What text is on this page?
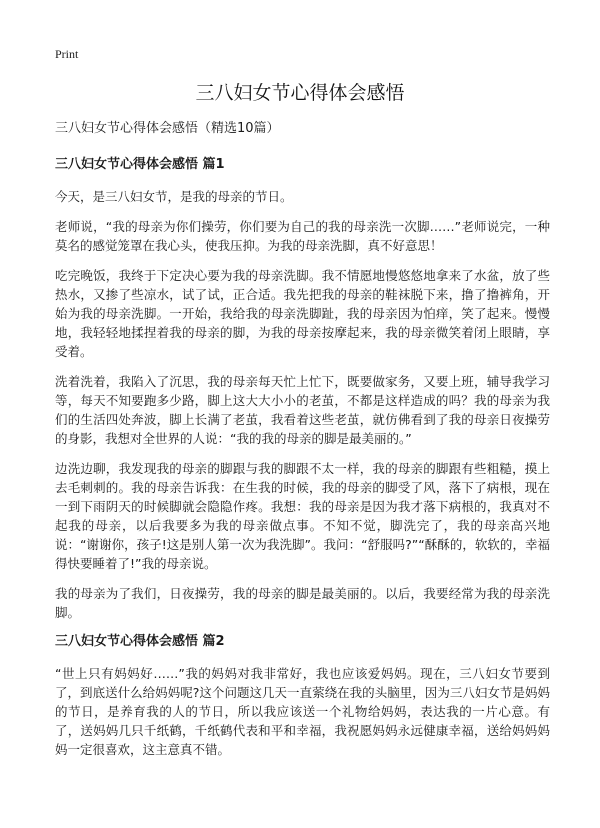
Print
三八妇女节心得体会感悟

三八妇女节心得体会感悟（精选10篇）

三八妇女节心得体会感悟 篇1

今天，是三八妇女节，是我的母亲的节日。

老师说，“我的母亲为你们操劳，你们要为自己的我的母亲洗一次脚……”老师说完，一种莫名的感觉笼罩在我心头，使我压抑。为我的母亲洗脚，真不好意思！

吃完晚饭，我终于下定决心要为我的母亲洗脚。我不情愿地慢悠悠地拿来了水盆，放了些热水，又掺了些凉水，试了试，正合适。我先把我的母亲的鞋袜脱下来，撸了撸裤角，开始为我的母亲洗脚。一开始，我给我的母亲洗脚趾，我的母亲因为怕痒，笑了起来。慢慢地，我轻轻地揉捏着我的母亲的脚，为我的母亲按摩起来，我的母亲微笑着闭上眼睛，享受着。

洗着洗着，我陷入了沉思，我的母亲每天忙上忙下，既要做家务，又要上班，辅导我学习等，每天不知要跑多少路，脚上这大大小小的老茧，不都是这样造成的吗？我的母亲为我们的生活四处奔波，脚上长满了老茧，我看着这些老茧，就仿佛看到了我的母亲日夜操劳的身影，我想对全世界的人说：“我的我的母亲的脚是最美丽的。”

边洗边聊，我发现我的母亲的脚跟与我的脚跟不太一样，我的母亲的脚跟有些粗糙，摸上去毛刺刺的。我的母亲告诉我：在生我的时候，我的母亲的脚受了风，落下了病根，现在一到下雨阴天的时候脚就会隐隐作疼。我想：我的母亲是因为我才落下病根的，我真对不起我的母亲，以后我要多为我的母亲做点事。不知不觉，脚洗完了，我的母亲高兴地说：“谢谢你，孩子!这是别人第一次为我洗脚”。我问：“舒服吗?”“酥酥的，软软的，幸福得快要睡着了!”我的母亲说。

我的母亲为了我们，日夜操劳，我的母亲的脚是最美丽的。以后，我要经常为我的母亲洗脚。

三八妇女节心得体会感悟 篇2

“世上只有妈妈好……”我的妈妈对我非常好，我也应该爱妈妈。现在，三八妇女节要到了，到底送什么给妈妈呢?这个问题这几天一直萦绕在我的头脑里，因为三八妇女节是妈妈的节日，是养育我的人的节日，所以我应该送一个礼物给妈妈，表达我的一片心意。有了，送妈妈几只千纸鹤，千纸鹤代表和平和幸福，我祝愿妈妈永远健康幸福，送给妈妈妈妈一定很喜欢，这主意真不错。
